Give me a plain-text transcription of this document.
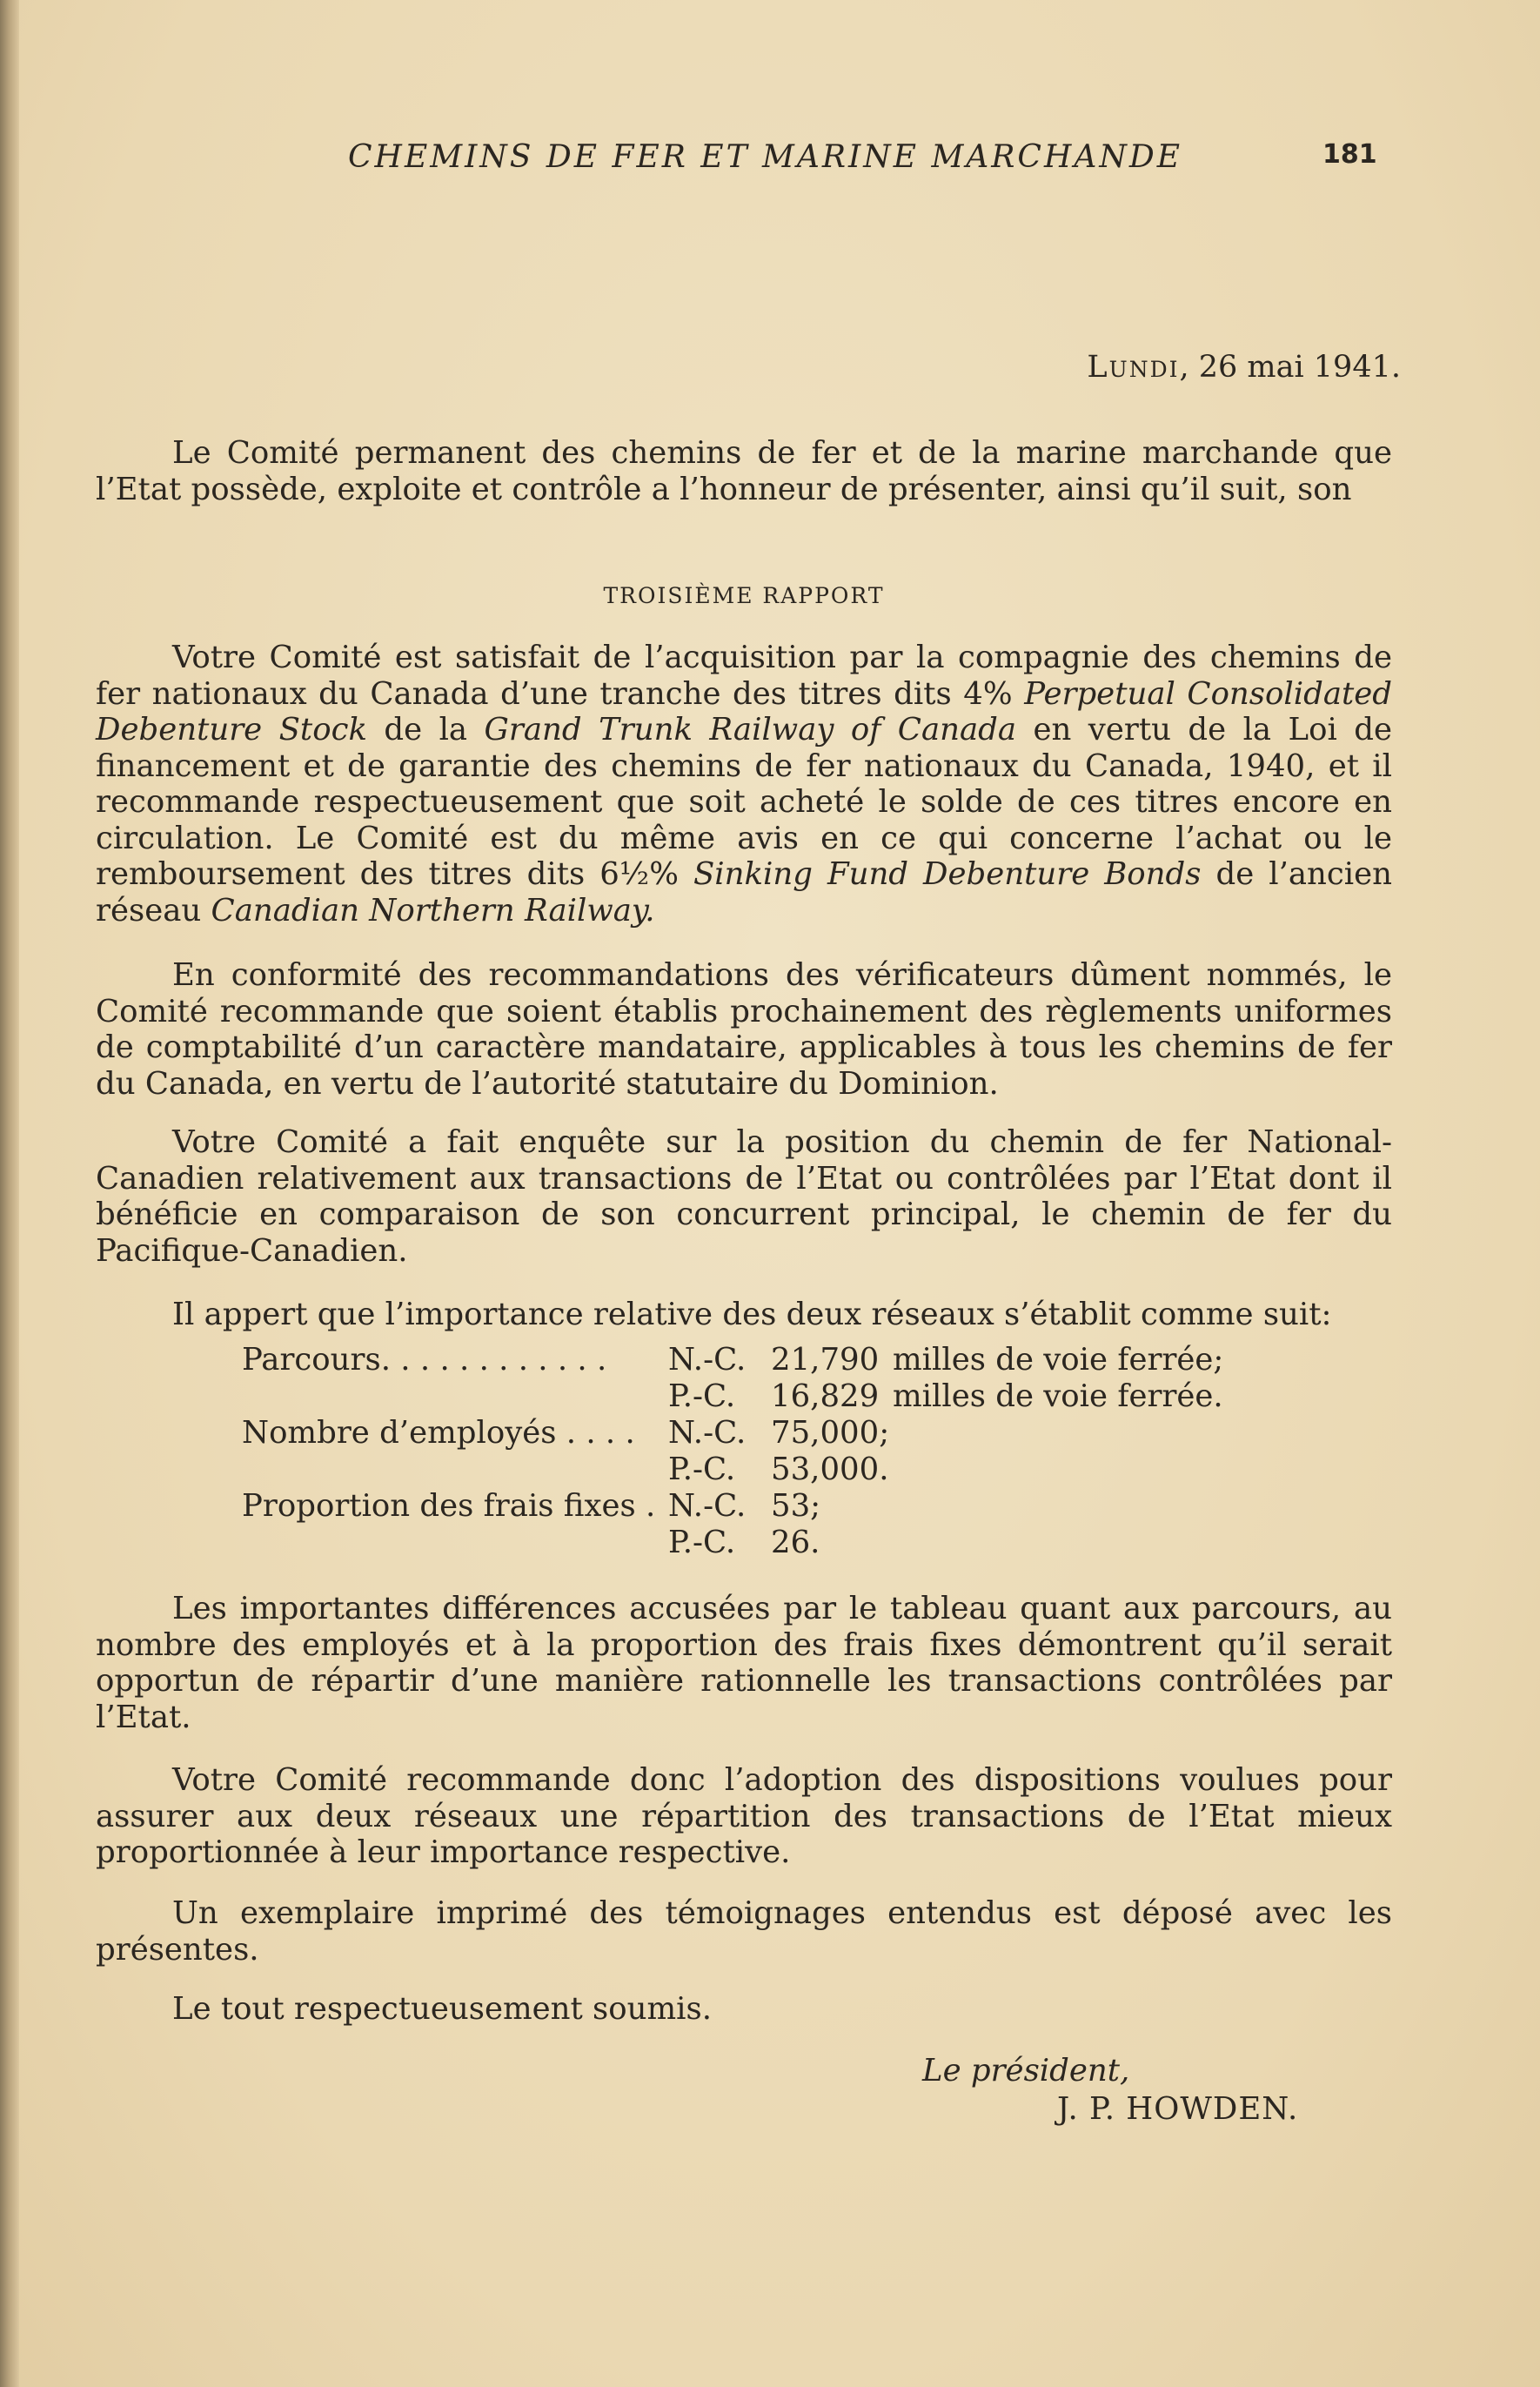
CHEMINS DE FER ET MARINE MARCHANDE	181
Lundi, 26 mai 1941.

Le Comité permanent des chemins de fer et de la marine marchande que l’Etat possède, exploite et contrôle a l’honneur de présenter, ainsi qu’il suit, son

TROISIÈME RAPPORT

Votre Comité est satisfait de l’acquisition par la compagnie des chemins de fer nationaux du Canada d’une tranche des titres dits 4% Perpetual Consolidated Debenture Stock de la Grand Trunk Railway of Canada en vertu de la Loi de financement et de garantie des chemins de fer nationaux du Canada, 1940, et il recommande respectueusement que soit acheté le solde de ces titres encore en circulation. Le Comité est du même avis en ce qui concerne l’achat ou le remboursement des titres dits 6½% Sinking Fund Debenture Bonds de l’ancien réseau Canadian Northern Railway.

En conformité des recommandations des vérificateurs dûment nommés, le Comité recommande que soient établis prochainement des règlements uniformes de comptabilité d’un caractère mandataire, applicables à tous les chemins de fer du Canada, en vertu de l’autorité statutaire du Dominion.

Votre Comité a fait enquête sur la position du chemin de fer National-Canadien relativement aux transactions de l’Etat ou contrôlées par l’Etat dont il bénéficie en comparaison de son concurrent principal, le chemin de fer du Pacifique-Canadien.

Il appert que l’importance relative des deux réseaux s’établit comme suit:

Parcours. . . . . . . . . . . .	N.-C. 21,790 milles de voie ferrée;
P.-C.	16,829 milles de voie ferrée.
Nombre d’employés . . . .	N.-C. 75,000;
P.-C.	53,000.
Proportion des frais fixes . N.-C. 53;
P.-C.	26.

Les importantes différences accusées par le tableau quant aux parcours, au nombre des employés et à la proportion des frais fixes démontrent qu’il serait opportun de répartir d’une manière rationnelle les transactions contrôlées par l’Etat.

Votre Comité recommande donc l’adoption des dispositions voulues pour assurer aux deux réseaux une répartition des transactions de l’Etat mieux proportionnée à leur importance respective.

Un exemplaire imprimé des témoignages entendus est déposé avec les présentes.

Le tout respectueusement soumis.

Le président,
J. P. HOWDEN.
